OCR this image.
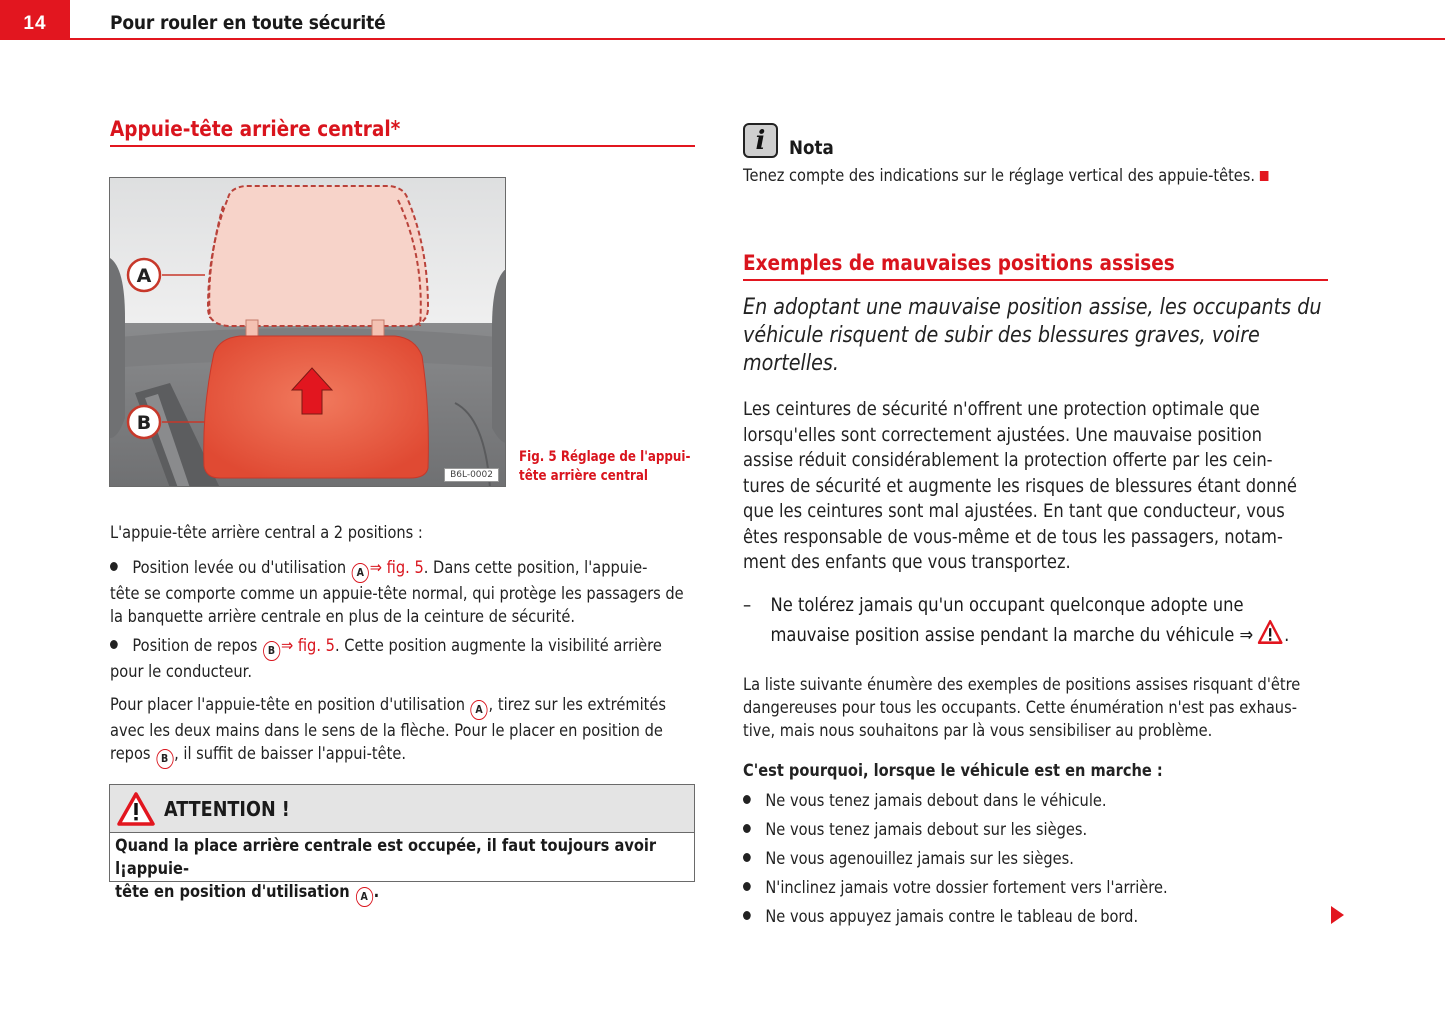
14	Pour rouler en toute sécurité
Appuie-tête arrière central*
A
B
B6L-0002
Fig. 5 Réglage de l'appui-
tête arrière central
L'appuie-tête arrière central a 2 positions :
Position levée ou d'utilisation A ⇒ fig. 5. Dans cette position, l'appuie-
tête se comporte comme un appuie-tête normal, qui protège les passagers de
la banquette arrière centrale en plus de la ceinture de sécurité.
Position de repos B ⇒ fig. 5. Cette position augmente la visibilité arrière
pour le conducteur.
Pour placer l'appuie-tête en position d'utilisation A , tirez sur les extrémités
avec les deux mains dans le sens de la flèche. Pour le placer en position de
repos B , il suffit de baisser l'appui-tête.
ATTENTION !
Quand la place arrière centrale est occupée, il faut toujours avoir l¡appuie-
tête en position d'utilisation A .
i	Nota
Tenez compte des indications sur le réglage vertical des appuie-têtes.
Exemples de mauvaises positions assises
En adoptant une mauvaise position assise, les occupants du
véhicule risquent de subir des blessures graves, voire
mortelles.
Les ceintures de sécurité n'offrent une protection optimale que
lorsqu'elles sont correctement ajustées. Une mauvaise position
assise réduit considérablement la protection offerte par les cein-
tures de sécurité et augmente les risques de blessures étant donné
que les ceintures sont mal ajustées. En tant que conducteur, vous
êtes responsable de vous-même et de tous les passagers, notam-
ment des enfants que vous transportez.
– Ne tolérez jamais qu'un occupant quelconque adopte une
mauvaise position assise pendant la marche du véhicule ⇒ .
La liste suivante énumère des exemples de positions assises risquant d'être
dangereuses pour tous les occupants. Cette énumération n'est pas exhaus-
tive, mais nous souhaitons par là vous sensibiliser au problème.
C'est pourquoi, lorsque le véhicule est en marche :
Ne vous tenez jamais debout dans le véhicule.
Ne vous tenez jamais debout sur les sièges.
Ne vous agenouillez jamais sur les sièges.
N'inclinez jamais votre dossier fortement vers l'arrière.
Ne vous appuyez jamais contre le tableau de bord.
